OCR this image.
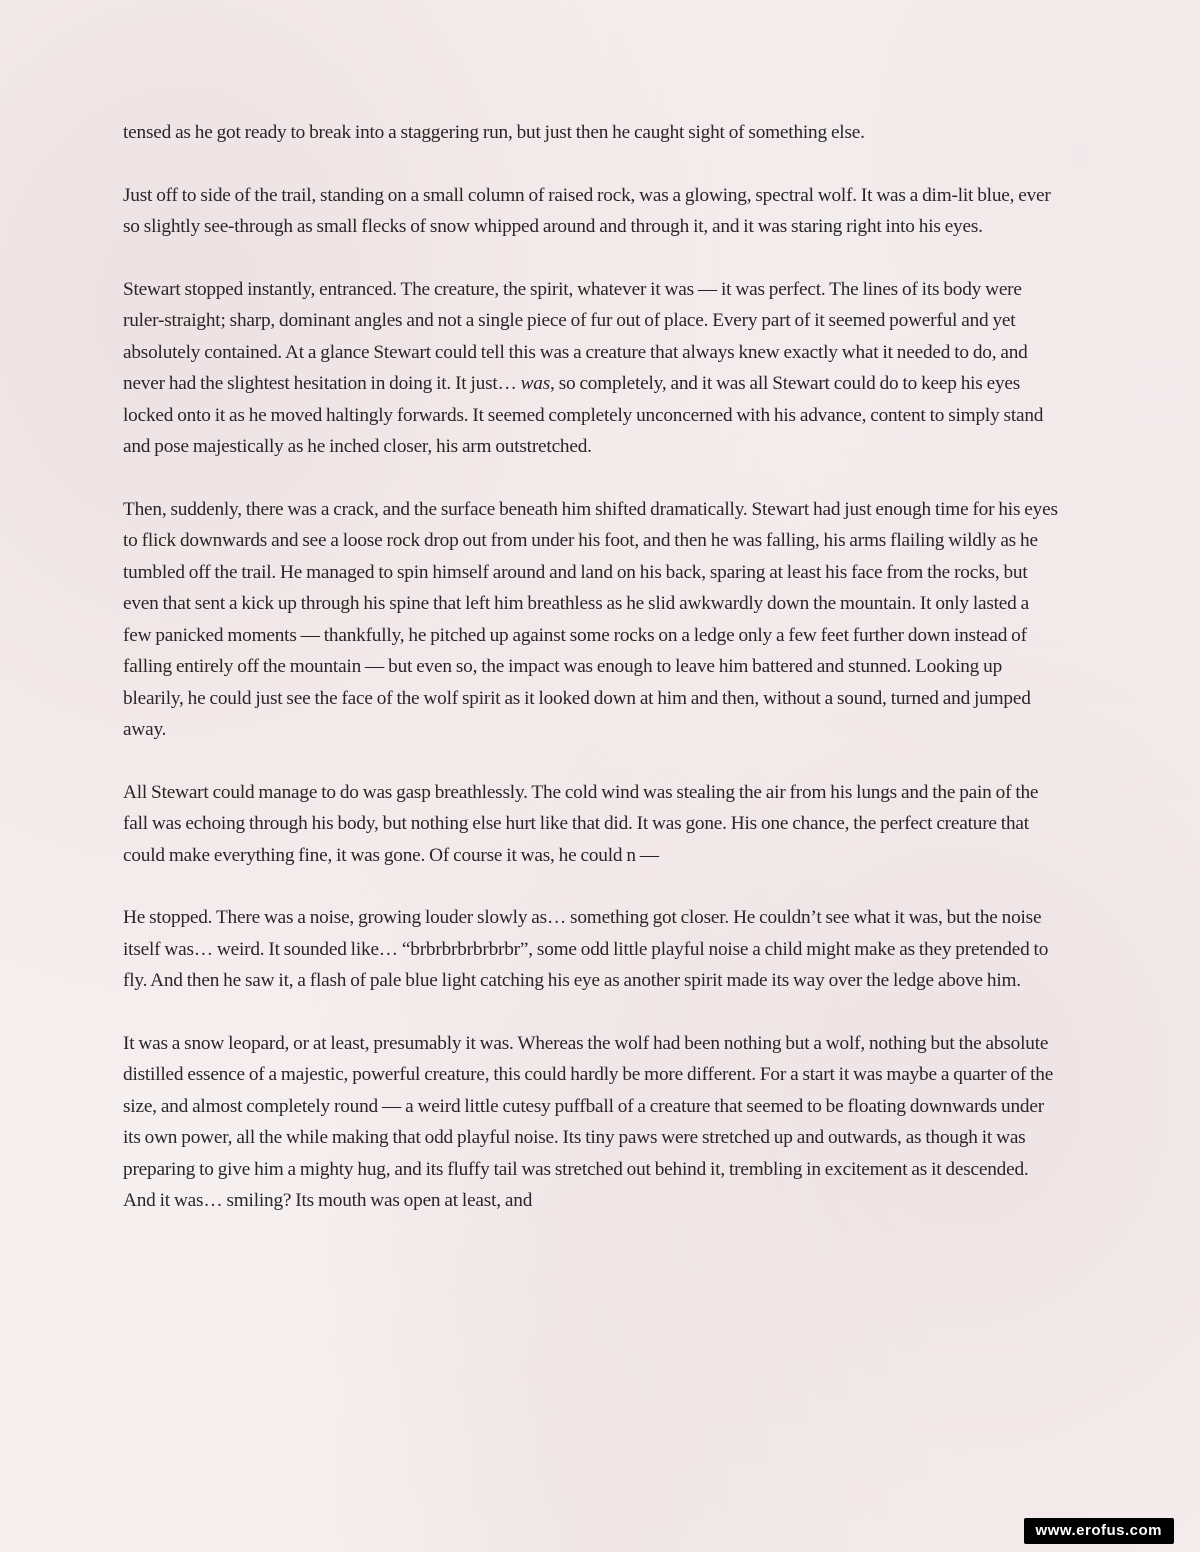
tensed as he got ready to break into a staggering run, but just then he caught sight of something else.

Just off to side of the trail, standing on a small column of raised rock, was a glowing, spectral wolf. It was a dim-lit blue, ever so slightly see-through as small flecks of snow whipped around and through it, and it was staring right into his eyes.

Stewart stopped instantly, entranced. The creature, the spirit, whatever it was — it was perfect. The lines of its body were ruler-straight; sharp, dominant angles and not a single piece of fur out of place. Every part of it seemed powerful and yet absolutely contained. At a glance Stewart could tell this was a creature that always knew exactly what it needed to do, and never had the slightest hesitation in doing it. It just… was, so completely, and it was all Stewart could do to keep his eyes locked onto it as he moved haltingly forwards. It seemed completely unconcerned with his advance, content to simply stand and pose majestically as he inched closer, his arm outstretched.

Then, suddenly, there was a crack, and the surface beneath him shifted dramatically. Stewart had just enough time for his eyes to flick downwards and see a loose rock drop out from under his foot, and then he was falling, his arms flailing wildly as he tumbled off the trail. He managed to spin himself around and land on his back, sparing at least his face from the rocks, but even that sent a kick up through his spine that left him breathless as he slid awkwardly down the mountain. It only lasted a few panicked moments — thankfully, he pitched up against some rocks on a ledge only a few feet further down instead of falling entirely off the mountain — but even so, the impact was enough to leave him battered and stunned. Looking up blearily, he could just see the face of the wolf spirit as it looked down at him and then, without a sound, turned and jumped away.

All Stewart could manage to do was gasp breathlessly. The cold wind was stealing the air from his lungs and the pain of the fall was echoing through his body, but nothing else hurt like that did. It was gone. His one chance, the perfect creature that could make everything fine, it was gone. Of course it was, he could n —

He stopped. There was a noise, growing louder slowly as… something got closer. He couldn’t see what it was, but the noise itself was… weird. It sounded like… “brbrbrbrbrbrbr”, some odd little playful noise a child might make as they pretended to fly. And then he saw it, a flash of pale blue light catching his eye as another spirit made its way over the ledge above him.

It was a snow leopard, or at least, presumably it was. Whereas the wolf had been nothing but a wolf, nothing but the absolute distilled essence of a majestic, powerful creature, this could hardly be more different. For a start it was maybe a quarter of the size, and almost completely round — a weird little cutesy puffball of a creature that seemed to be floating downwards under its own power, all the while making that odd playful noise. Its tiny paws were stretched up and outwards, as though it was preparing to give him a mighty hug, and its fluffy tail was stretched out behind it, trembling in excitement as it descended. And it was… smiling? Its mouth was open at least, and

www.erofus.com
